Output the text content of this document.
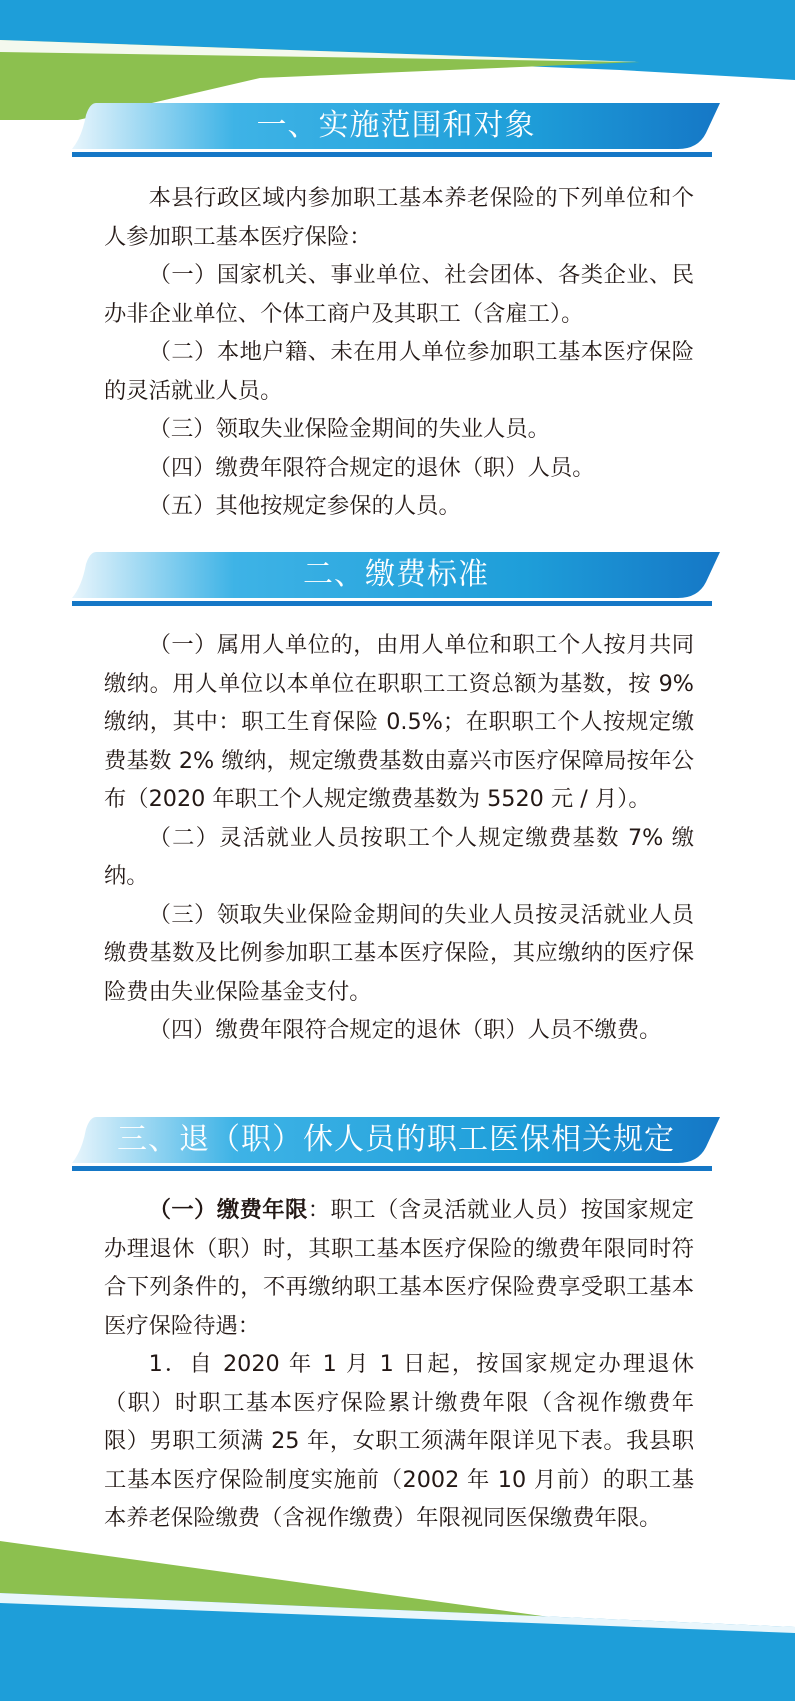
一、实施范围和对象

本县行政区域内参加职工基本养老保险的下列单位和个人参加职工基本医疗保险：

（一）国家机关、事业单位、社会团体、各类企业、民办非企业单位、个体工商户及其职工（含雇工）。

（二）本地户籍、未在用人单位参加职工基本医疗保险的灵活就业人员。

（三）领取失业保险金期间的失业人员。

（四）缴费年限符合规定的退休（职）人员。

（五）其他按规定参保的人员。

二、缴费标准

（一）属用人单位的，由用人单位和职工个人按月共同缴纳。用人单位以本单位在职职工工资总额为基数，按 9% 缴纳，其中：职工生育保险 0.5%；在职职工个人按规定缴费基数 2% 缴纳，规定缴费基数由嘉兴市医疗保障局按年公布（2020 年职工个人规定缴费基数为 5520 元 / 月）。

（二）灵活就业人员按职工个人规定缴费基数 7% 缴纳。

（三）领取失业保险金期间的失业人员按灵活就业人员缴费基数及比例参加职工基本医疗保险，其应缴纳的医疗保险费由失业保险基金支付。

（四）缴费年限符合规定的退休（职）人员不缴费。

三、退（职）休人员的职工医保相关规定

（一）缴费年限：职工（含灵活就业人员）按国家规定办理退休（职）时，其职工基本医疗保险的缴费年限同时符合下列条件的，不再缴纳职工基本医疗保险费享受职工基本医疗保险待遇：

1．自 2020 年 1 月 1 日起，按国家规定办理退休（职）时职工基本医疗保险累计缴费年限（含视作缴费年限）男职工须满 25 年，女职工须满年限详见下表。我县职工基本医疗保险制度实施前（2002 年 10 月前）的职工基本养老保险缴费（含视作缴费）年限视同医保缴费年限。
